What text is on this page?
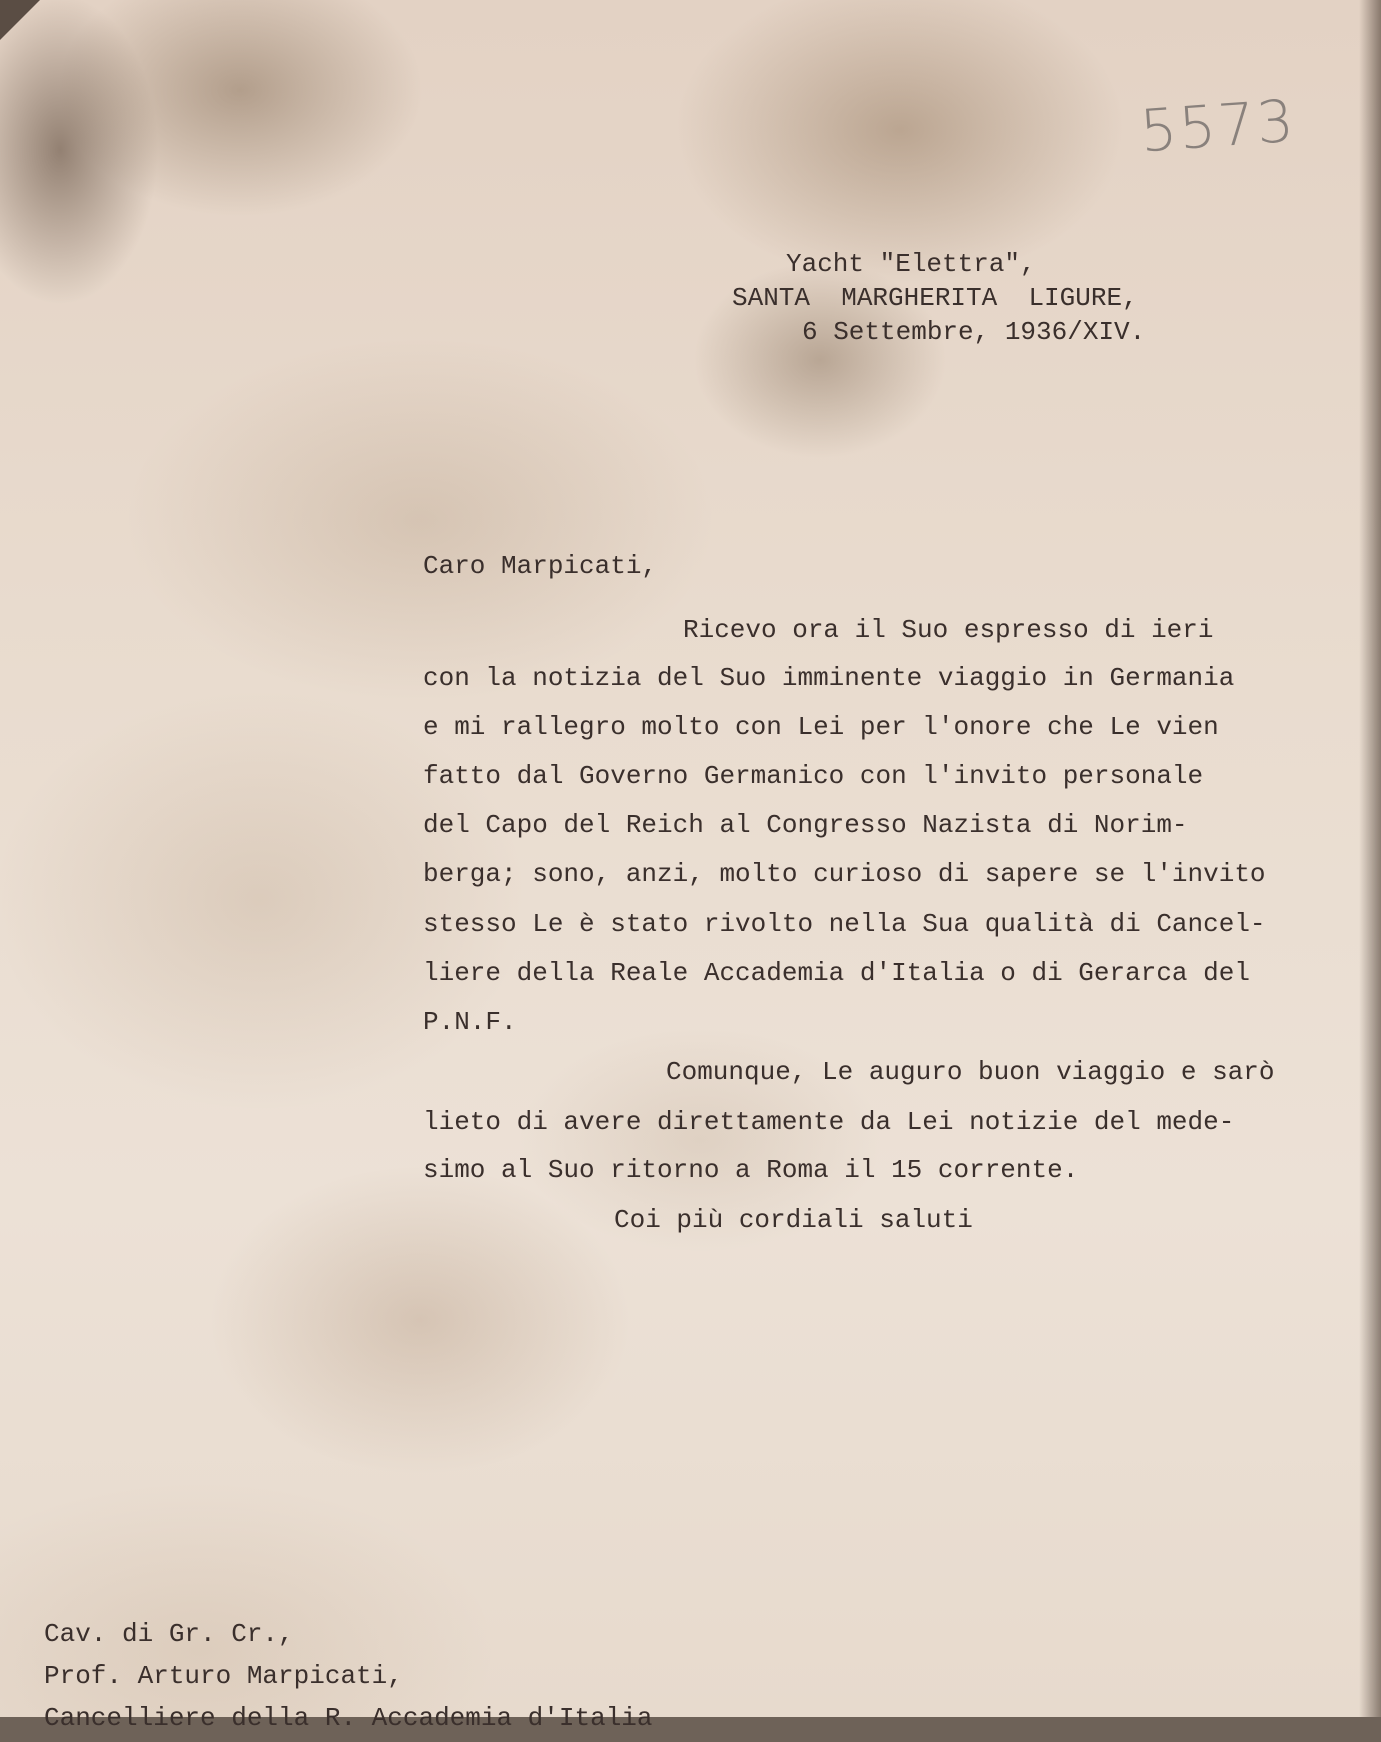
5573
Yacht "Elettra",
SANTA  MARGHERITA  LIGURE,
6 Settembre, 1936/XIV.
Caro Marpicati,
Ricevo ora il Suo espresso di ieri
con la notizia del Suo imminente viaggio in Germania
e mi rallegro molto con Lei per l'onore che Le vien
fatto dal Governo Germanico con l'invito personale
del Capo del Reich al Congresso Nazista di Norim-
berga; sono, anzi, molto curioso di sapere se l'invito
stesso Le è stato rivolto nella Sua qualità di Cancel-
liere della Reale Accademia d'Italia o di Gerarca del
P.N.F.
Comunque, Le auguro buon viaggio e sarò
lieto di avere direttamente da Lei notizie del mede-
simo al Suo ritorno a Roma il 15 corrente.
Coi più cordiali saluti
Cav. di Gr. Cr.,
Prof. Arturo Marpicati,
Cancelliere della R. Accademia d'Italia
